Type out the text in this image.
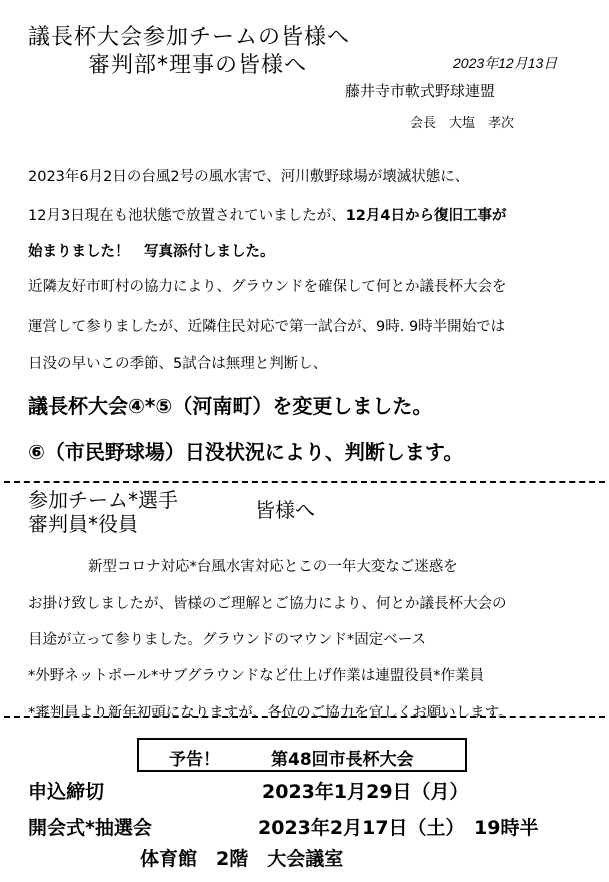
議長杯大会参加チームの皆様へ
審判部*理事の皆様へ	2023年12月13日
藤井寺市軟式野球連盟
会長　大塩　孝次
2023年6月2日の台風2号の風水害で、河川敷野球場が壊滅状態に、
12月3日現在も池状態で放置されていましたが、12月4日から復旧工事が
始まりました！　写真添付しました。
近隣友好市町村の協力により、グラウンドを確保して何とか議長杯大会を
運営して参りましたが、近隣住民対応で第一試合が、9時. 9時半開始では
日没の早いこの季節、5試合は無理と判断し、
議長杯大会④*⑤（河南町）を変更しました。
⑥（市民野球場）日没状況により、判断します。
参加チーム*選手
審判員*役員
皆様へ
新型コロナ対応*台風水害対応とこの一年大変なご迷惑を
お掛け致しましたが、皆様のご理解とご協力により、何とか議長杯大会の
目途が立って参りました。グラウンドのマウンド*固定ベース
*外野ネットポール*サブグラウンドなど仕上げ作業は連盟役員*作業員
*審判員より新年初頭になりますが、各位のご協力を宜しくお願いします。
予告！	第48回市長杯大会
申込締切	2023年1月29日（月）
開会式*抽選会	2023年2月17日（土）　19時半
体育館　2階　大会議室
